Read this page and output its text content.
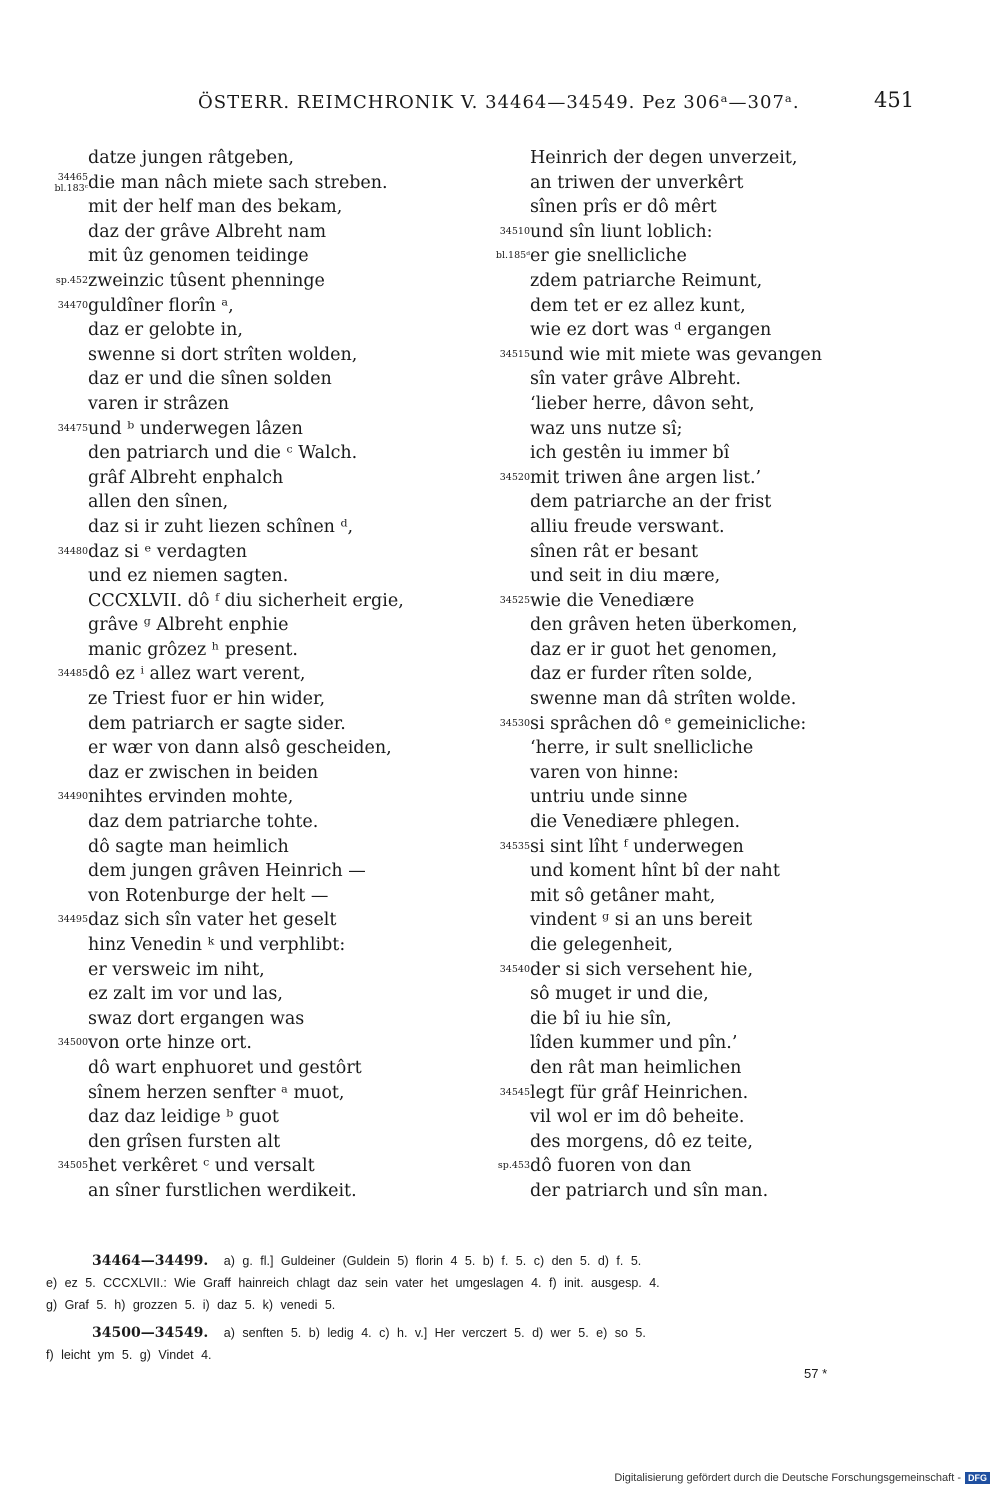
ÖSTERR. REIMCHRONIK V. 34464—34549. Pez 306ᵃ—307ᵃ.	451
datze jungen râtgeben,
34465
bl.183ᶜ die man nâch miete sach streben.
mit der helf man des bekam,
daz der grâve Albreht nam
mit ûz genomen teidinge
sp.452 zweinzic tûsent phenninge
34470 guldîner florîn ᵃ,
daz er gelobte in,
swenne si dort strîten wolden,
daz er und die sînen solden
varen ir strâzen
34475 und ᵇ underwegen lâzen
den patriarch und die ᶜ Walch.
grâf Albreht enphalch
allen den sînen,
daz si ir zuht liezen schînen ᵈ,
34480 daz si ᵉ verdagten
und ez niemen sagten.
CCCXLVII. dô ᶠ diu sicherheit ergie,
grâve ᵍ Albreht enphie
manic grôzez ʰ present.
34485 dô ez ⁱ allez wart verent,
ze Triest fuor er hin wider,
dem patriarch er sagte sider.
er wær von dann alsô gescheiden,
daz er zwischen in beiden
34490 nihtes ervinden mohte,
daz dem patriarche tohte.
dô sagte man heimlich
dem jungen grâven Heinrich —
von Rotenburge der helt —
34495 daz sich sîn vater het geselt
hinz Venedin ᵏ und verphlibt:
er versweic im niht,
ez zalt im vor und las,
swaz dort ergangen was
34500 von orte hinze ort.
dô wart enphuoret und gestôrt
sînem herzen senfter ᵃ muot,
daz daz leidige ᵇ guot
den grîsen fursten alt
34505 het verkêret ᶜ und versalt
an sîner furstlichen werdikeit.
Heinrich der degen unverzeit,
an triwen der unverkêrt
sînen prîs er dô mêrt
34510 und sîn liunt loblich:
bl.185ᵈ er gie snellicliche
zdem patriarche Reimunt,
dem tet er ez allez kunt,
wie ez dort was ᵈ ergangen
34515 und wie mit miete was gevangen
sîn vater grâve Albreht.
‘lieber herre, dâvon seht,
waz uns nutze sî;
ich gestên iu immer bî
34520 mit triwen âne argen list.’
dem patriarche an der frist
alliu freude verswant.
sînen rât er besant
und seit in diu mære,
34525 wie die Venediære
den grâven heten überkomen,
daz er ir guot het genomen,
daz er furder rîten solde,
swenne man dâ strîten wolde.
34530 si sprâchen dô ᵉ gemeinicliche:
‘herre, ir sult snellicliche
varen von hinne:
untriu unde sinne
die Venediære phlegen.
34535 si sint lîht ᶠ underwegen
und koment hînt bî der naht
mit sô getâner maht,
vindent ᵍ si an uns bereit
die gelegenheit,
34540 der si sich versehent hie,
sô muget ir und die,
die bî iu hie sîn,
lîden kummer und pîn.’
den rât man heimlichen
34545 legt für grâf Heinrichen.
vil wol er im dô beheite.
des morgens, dô ez teite,
sp.453 dô fuoren von dan
der patriarch und sîn man.
34464—34499. a) g. fl.] Guldeiner (Guldein 5) florin 4 5. b) f. 5. c) den 5. d) f. 5.
e) ez 5. CCCXLVII.: Wie Graff hainreich chlagt daz sein vater het umgeslagen 4. f) init. ausgesp. 4.
g) Graf 5. h) grozzen 5. i) daz 5. k) venedi 5.
34500—34549. a) senften 5. b) ledig 4. c) h. v.] Her verczert 5. d) wer 5. e) so 5.
f) leicht ym 5. g) Vindet 4.
57 *
Digitalisierung gefördert durch die Deutsche Forschungsgemeinschaft - DFG
